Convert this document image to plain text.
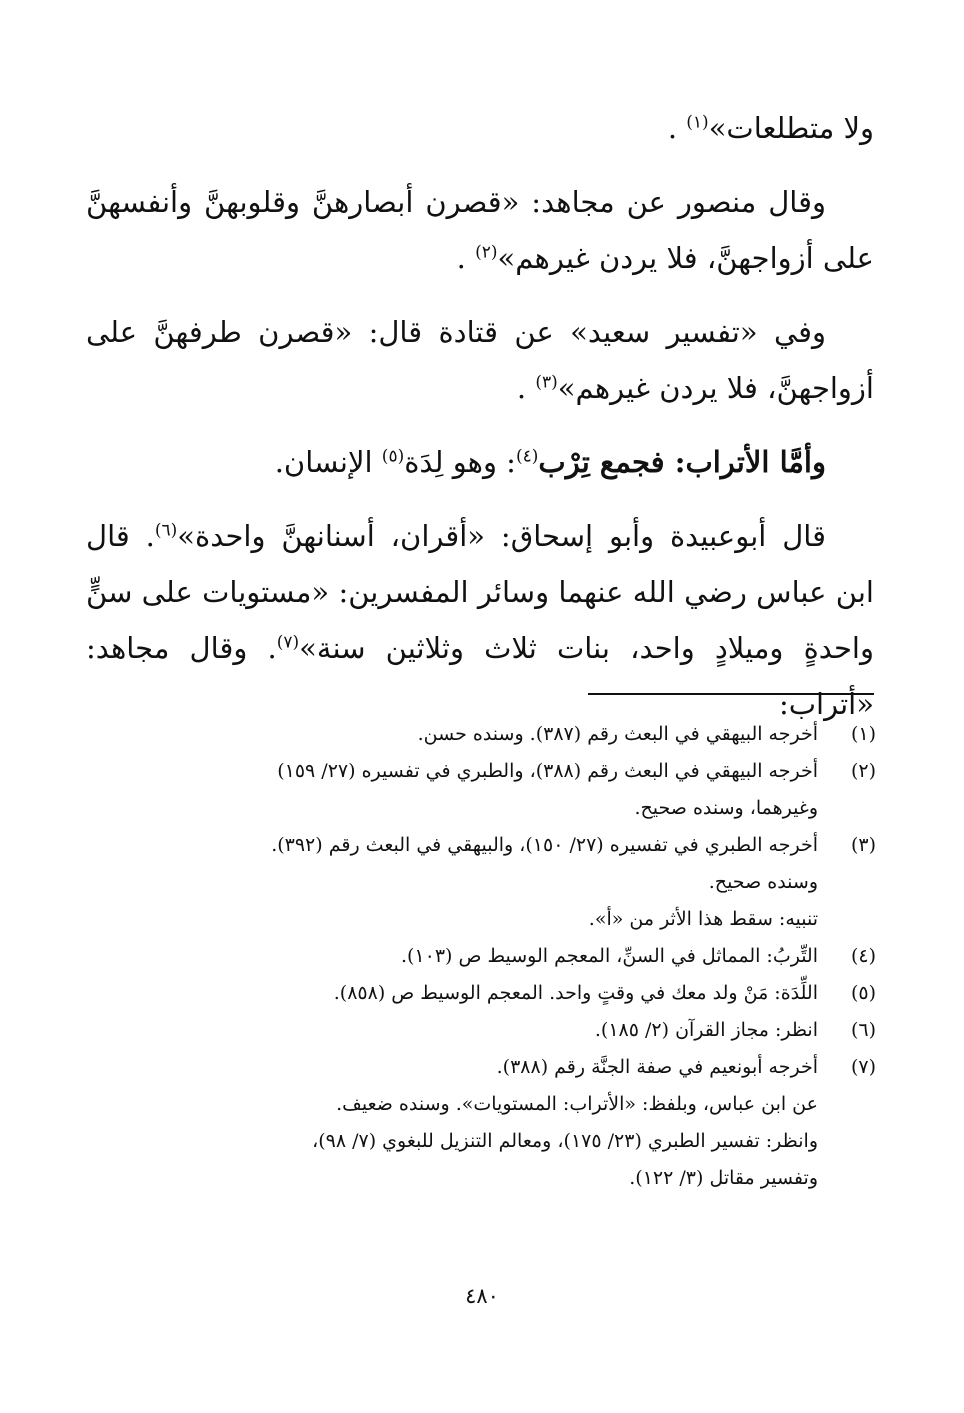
ولا متطلعات»$^{(١)}$ .

وقال منصور عن مجاهد: «قصرن أبصارهنَّ وقلوبهنَّ وأنفسهنَّ على أزواجهنَّ، فلا يردن غيرهم»$^{(٢)}$ .

وفي «تفسير سعيد» عن قتادة قال: «قصرن طرفهنَّ على أزواجهنَّ، فلا يردن غيرهم»$^{(٣)}$ .

وأمَّا الأتراب: فجمع تِرْب$^{(٤)}$: وهو لِدَة$^{(٥)}$ الإنسان.

قال أبوعبيدة وأبو إسحاق: «أقران، أسنانهنَّ واحدة»$^{(٦)}$. قال ابن عباس رضي الله عنهما وسائر المفسرين: «مستويات على سنٍّ واحدةٍ وميلادٍ واحد، بنات ثلاث وثلاثين سنة»$^{(٧)}$. وقال مجاهد: «أتراب:

(١)
أخرجه البيهقي في البعث رقم (٣٨٧). وسنده حسن.
(٢)
أخرجه البيهقي في البعث رقم (٣٨٨)، والطبري في تفسيره (٢٧/ ١٥٩)
وغيرهما، وسنده صحيح.
(٣)
أخرجه الطبري في تفسيره (٢٧/ ١٥٠)، والبيهقي في البعث رقم (٣٩٢).
وسنده صحيح.
تنبيه: سقط هذا الأثر من «أ».
(٤)
التِّربُ: المماثل في السنِّ، المعجم الوسيط ص (١٠٣).
(٥)
اللِّدَة: مَنْ ولد معك في وقتٍ واحد. المعجم الوسيط ص (٨٥٨).
(٦)
انظر: مجاز القرآن (٢/ ١٨٥).
(٧)
أخرجه أبونعيم في صفة الجنَّة رقم (٣٨٨).
عن ابن عباس، وبلفظ: «الأتراب: المستويات». وسنده ضعيف.
وانظر: تفسير الطبري (٢٣/ ١٧٥)، ومعالم التنزيل للبغوي (٧/ ٩٨)،
وتفسير مقاتل (٣/ ١٢٢).
٤٨٠
